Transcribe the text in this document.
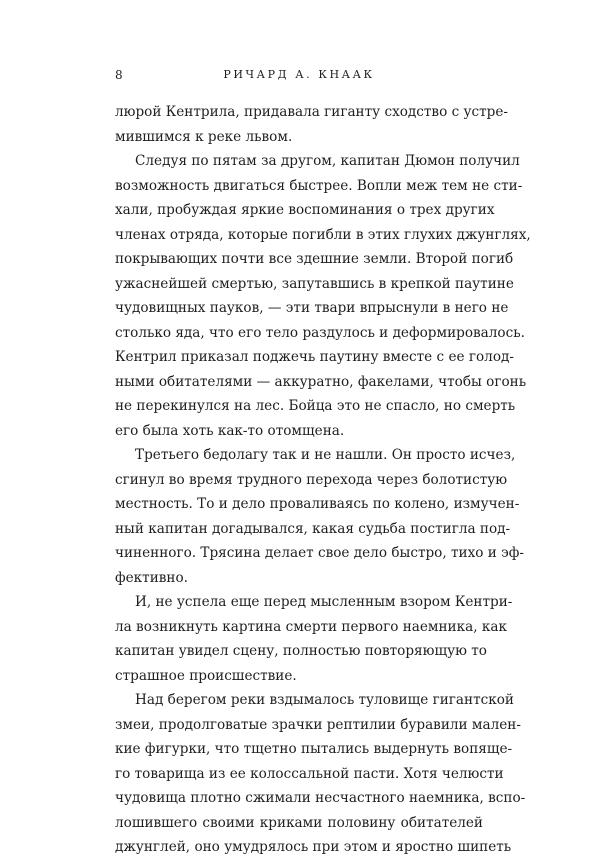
8	РИЧАРД А. КНААК

люрой Кентрила, придавала гиганту сходство с устре-
мившимся к реке львом.

Следуя по пятам за другом, капитан Дюмон получил
возможность двигаться быстрее. Вопли меж тем не сти-
хали, пробуждая яркие воспоминания о трех других
членах отряда, которые погибли в этих глухих джунглях,
покрывающих почти все здешние земли. Второй погиб
ужаснейшей смертью, запутавшись в крепкой паутине
чудовищных пауков, — эти твари впрыснули в него не
столько яда, что его тело раздулось и деформировалось.
Кентрил приказал поджечь паутину вместе с ее голод-
ными обитателями — аккуратно, факелами, чтобы огонь
не перекинулся на лес. Бойца это не спасло, но смерть
его была хоть как-то отомщена.

Третьего бедолагу так и не нашли. Он просто исчез,
сгинул во время трудного перехода через болотистую
местность. То и дело проваливаясь по колено, измучен-
ный капитан догадывался, какая судьба постигла под-
чиненного. Трясина делает свое дело быстро, тихо и эф-
фективно.

И, не успела еще перед мысленным взором Кентри-
ла возникнуть картина смерти первого наемника, как
капитан увидел сцену, полностью повторяющую то
страшное происшествие.

Над берегом реки вздымалось туловище гигантской
змеи, продолговатые зрачки рептилии буравили мален-
кие фигурки, что тщетно пытались выдернуть вопяще-
го товарища из ее колоссальной пасти. Хотя челюсти
чудовища плотно сжимали несчастного наемника, вспо-
лошившего своими криками половину обитателей
джунглей, оно умудрялось при этом и яростно шипеть
